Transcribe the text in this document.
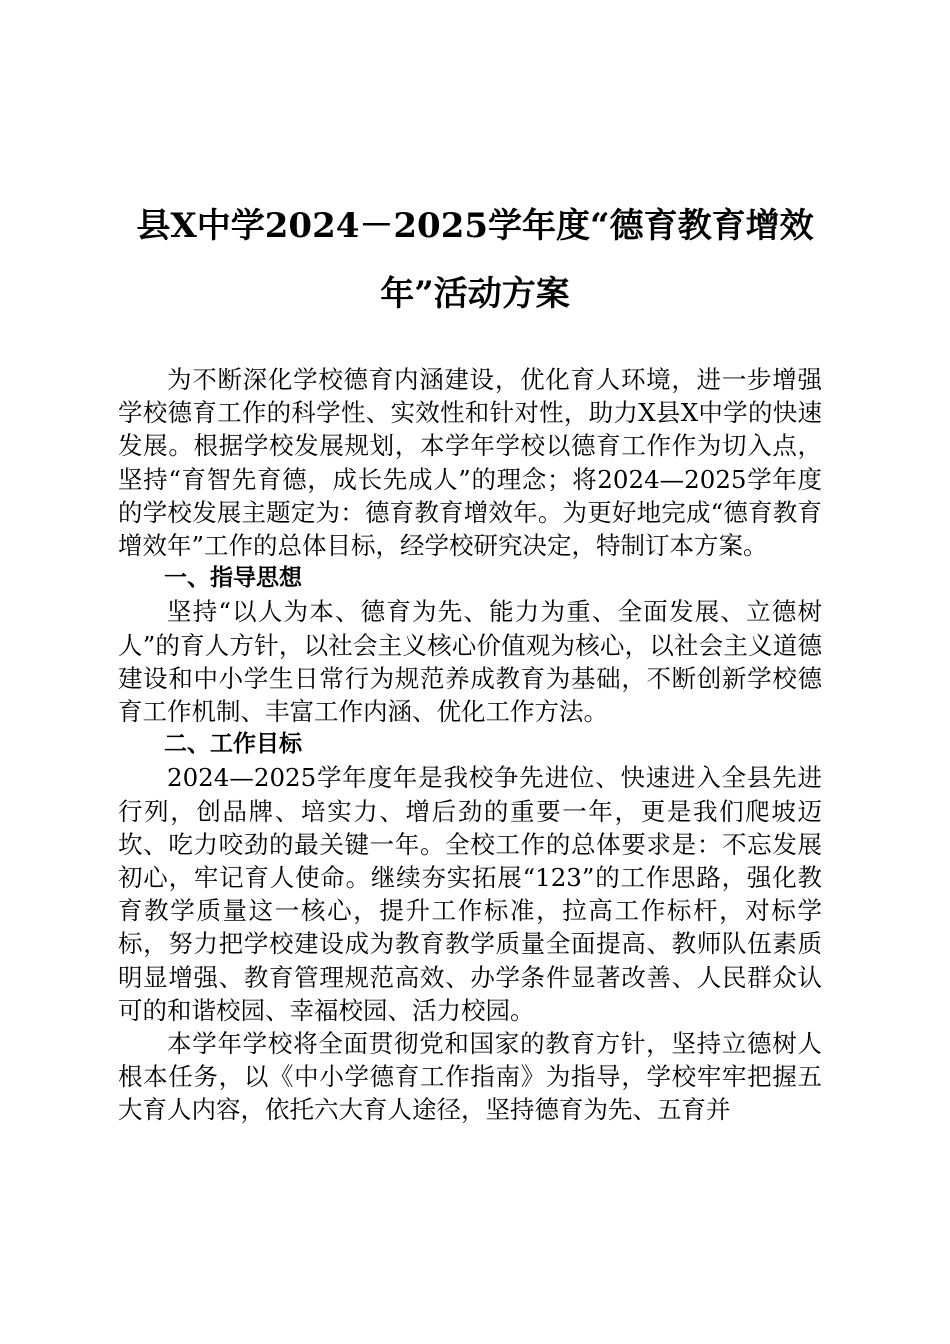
县X中学2024－2025学年度“德育教育增效年”活动方案

为不断深化学校德育内涵建设，优化育人环境，进一步增强学校德育工作的科学性、实效性和针对性，助力X县X中学的快速发展。根据学校发展规划，本学年学校以德育工作作为切入点，坚持“育智先育德，成长先成人”的理念；将2024—2025学年度的学校发展主题定为：德育教育增效年。为更好地完成“德育教育增效年”工作的总体目标，经学校研究决定，特制订本方案。

一、指导思想

坚持“以人为本、德育为先、能力为重、全面发展、立德树人”的育人方针，以社会主义核心价值观为核心，以社会主义道德建设和中小学生日常行为规范养成教育为基础，不断创新学校德育工作机制、丰富工作内涵、优化工作方法。

二、工作目标

2024—2025学年度年是我校争先进位、快速进入全县先进行列，创品牌、培实力、增后劲的重要一年，更是我们爬坡迈坎、吃力咬劲的最关键一年。全校工作的总体要求是：不忘发展初心，牢记育人使命。继续夯实拓展“123”的工作思路，强化教育教学质量这一核心，提升工作标准，拉高工作标杆，对标学标，努力把学校建设成为教育教学质量全面提高、教师队伍素质明显增强、教育管理规范高效、办学条件显著改善、人民群众认可的和谐校园、幸福校园、活力校园。

本学年学校将全面贯彻党和国家的教育方针，坚持立德树人根本任务，以《中小学德育工作指南》为指导，学校牢牢把握五大育人内容，依托六大育人途径，坚持德育为先、五育并
